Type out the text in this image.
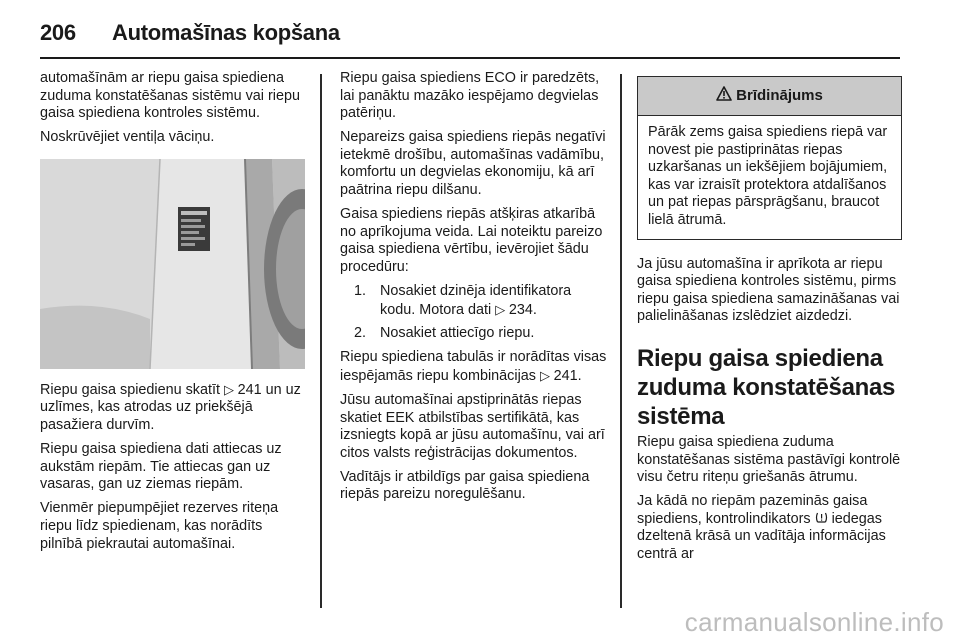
206 Automašīnas kopšana

automašīnām ar riepu gaisa spiediena zuduma konstatēšanas sistēmu vai riepu gaisa spiediena kontroles sistēmu.

Noskrūvējiet ventiļa vāciņu.

Riepu gaisa spiedienu skatīt ▷ 241 un uz uzlīmes, kas atrodas uz priekšējā pasažiera durvīm.

Riepu gaisa spiediena dati attiecas uz aukstām riepām. Tie attiecas gan uz vasaras, gan uz ziemas riepām.

Vienmēr piepumpējiet rezerves riteņa riepu līdz spiedienam, kas norādīts pilnībā piekrautai automašīnai.

Riepu gaisa spiediens ECO ir paredzēts, lai panāktu mazāko iespējamo degvielas patēriņu.

Nepareizs gaisa spiediens riepās negatīvi ietekmē drošību, automašīnas vadāmību, komfortu un degvielas ekonomiju, kā arī paātrina riepu dilšanu.

Gaisa spiediens riepās atšķiras atkarībā no aprīkojuma veida. Lai noteiktu pareizo gaisa spiediena vērtību, ievērojiet šādu procedūru:

1. Nosakiet dzinēja identifikatora kodu. Motora dati ▷ 234.
2. Nosakiet attiecīgo riepu.

Riepu spiediena tabulās ir norādītas visas iespējamās riepu kombinācijas ▷ 241.

Jūsu automašīnai apstiprinātās riepas skatiet EEK atbilstības sertifikātā, kas izsniegts kopā ar jūsu automašīnu, vai arī citos valsts reģistrācijas dokumentos.

Vadītājs ir atbildīgs par gaisa spiediena riepās pareizu noregulēšanu.

Brīdinājums
Pārāk zems gaisa spiediens riepā var novest pie pastiprinātas riepas uzkaršanas un iekšējiem bojājumiem, kas var izraisīt protektora atdalīšanos un pat riepas pārsprāgšanu, braucot lielā ātrumā.

Ja jūsu automašīna ir aprīkota ar riepu gaisa spiediena kontroles sistēmu, pirms riepu gaisa spiediena samazināšanas vai palielināšanas izslēdziet aizdedzi.

Riepu gaisa spiediena zuduma konstatēšanas sistēma

Riepu gaisa spiediena zuduma konstatēšanas sistēma pastāvīgi kontrolē visu četru riteņu griešanās ātrumu.

Ja kādā no riepām pazeminās gaisa spiediens, kontrolindikators  iedegas dzeltenā krāsā un vadītāja informācijas centrā ar

carmanualsonline.info
